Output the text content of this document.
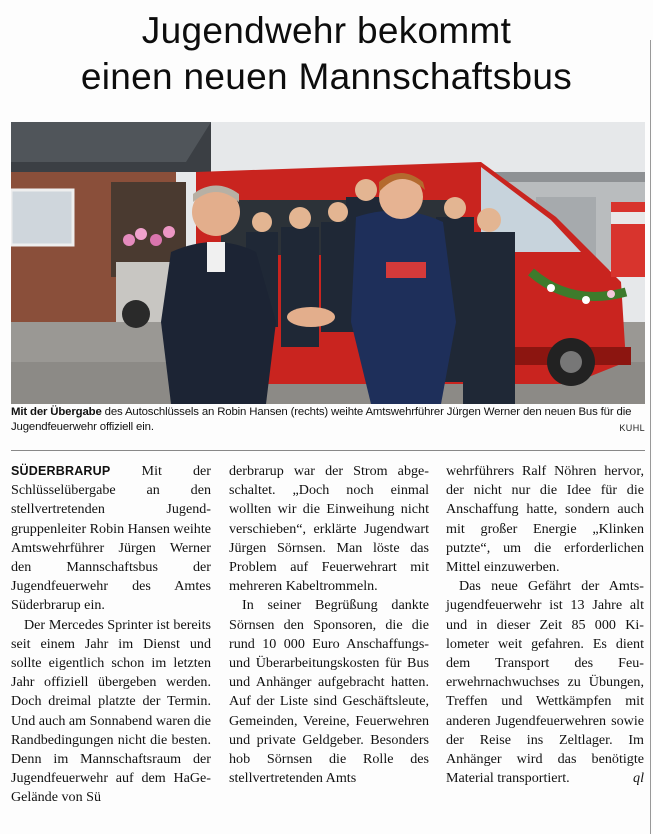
Jugendwehr bekommt
einen neuen Mannschaftsbus
Mit der Übergabe des Autoschlüssels an Robin Hansen (rechts) weihte Amtswehrführer Jürgen Werner den neuen Bus für die Jugendfeuerwehr offiziell ein.	KUHL

SÜDERBRARUP Mit der Schlüsselübergabe an den stellvertretenden Jugendgruppenleiter Robin Hansen weihte Amtswehrführer Jürgen Werner den Mannschaftsbus der Jugendfeuerwehr des Amtes Süderbrarup ein.

Der Mercedes Sprinter ist bereits seit einem Jahr im Dienst und sollte eigentlich schon im letzten Jahr offiziell übergeben werden. Doch dreimal platzte der Termin. Und auch am Sonnabend waren die Randbedingungen nicht die besten. Denn im Mannschaftsraum der Jugendfeuerwehr auf dem HaGe-Gelände von Sü

derbrarup war der Strom abgeschaltet. „Doch noch einmal wollten wir die Einweihung nicht verschieben“, erklärte Jugendwart Jürgen Sörnsen. Man löste das Problem auf Feuerwehrart mit mehreren Kabeltrommeln.

In seiner Begrüßung dankte Sörnsen den Sponsoren, die die rund 10 000 Euro Anschaffungs- und Überarbeitungskosten für Bus und Anhänger aufgebracht hatten. Auf der Liste sind Geschäftsleute, Gemeinden, Vereine, Feuerwehren und private Geldgeber. Besonders hob Sörnsen die Rolle des stellvertretenden Amts

wehrführers Ralf Nöhren hervor, der nicht nur die Idee für die Anschaffung hatte, sondern auch mit großer Energie „Klinken putzte“, um die erforderlichen Mittel einzuwerben.

Das neue Gefährt der Amtsjugendfeuerwehr ist 13 Jahre alt und in dieser Zeit 85 000 Kilometer weit gefahren. Es dient dem Transport des Feuerwehrnachwuchses zu Übungen, Treffen und Wettkämpfen mit anderen Jugendfeuerwehren sowie der Reise ins Zeltlager. Im Anhänger wird das benötigte Material transportiert.	ql
